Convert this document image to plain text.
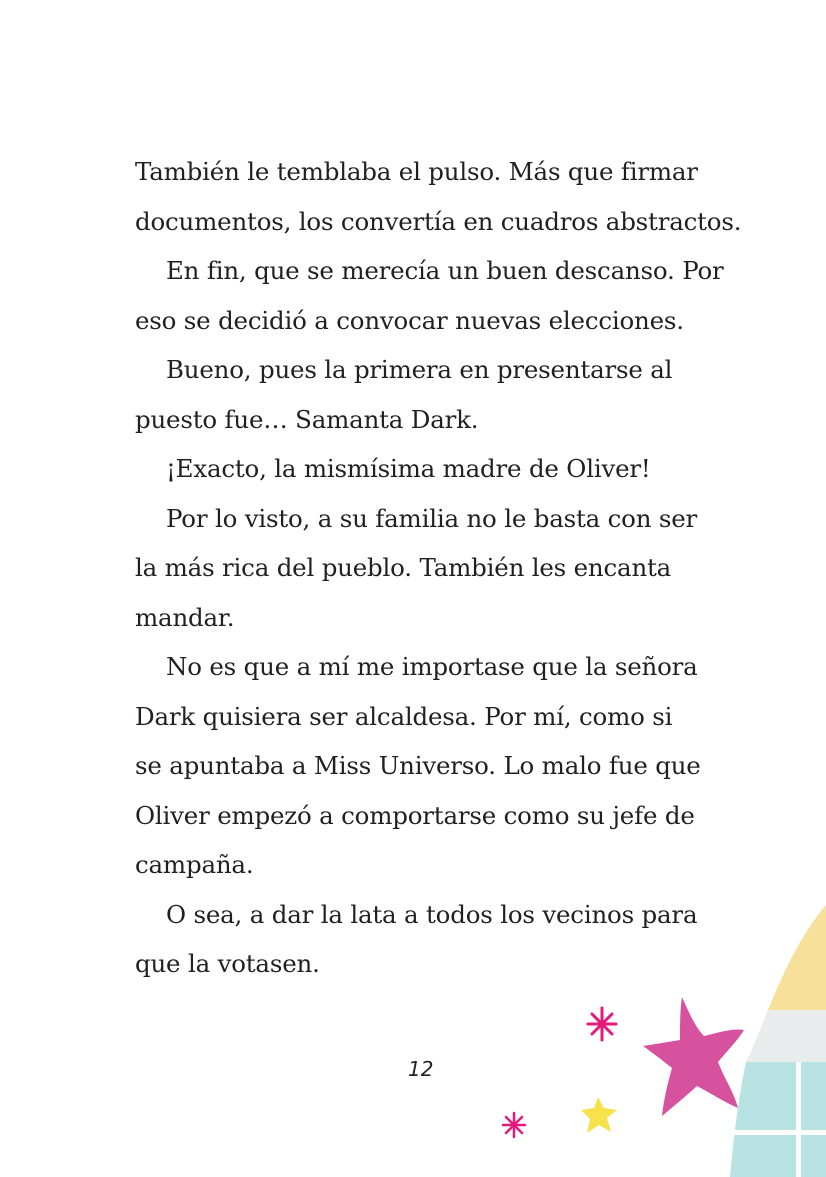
También le temblaba el pulso. Más que firmar
documentos, los convertía en cuadros abstractos.
En fin, que se merecía un buen descanso. Por
eso se decidió a convocar nuevas elecciones.
Bueno, pues la primera en presentarse al
puesto fue… Samanta Dark.
¡Exacto, la mismísima madre de Oliver!
Por lo visto, a su familia no le basta con ser
la más rica del pueblo. También les encanta
mandar.
No es que a mí me importase que la señora
Dark quisiera ser alcaldesa. Por mí, como si
se apuntaba a Miss Universo. Lo malo fue que
Oliver empezó a comportarse como su jefe de
campaña.
O sea, a dar la lata a todos los vecinos para
que la votasen.
12
